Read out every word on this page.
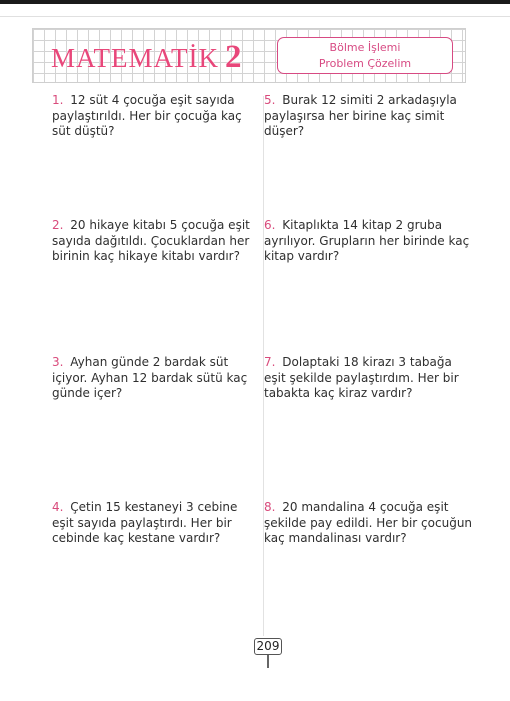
MATEMATİK 2	Bölme İşlemi
Problem Çözelim
1. 12 süt 4 çocuğa eşit sayıda paylaştırıldı. Her bir çocuğa kaç süt düştü?
2. 20 hikaye kitabı 5 çocuğa eşit sayıda dağıtıldı. Çocuklardan her birinin kaç hikaye kitabı vardır?
3. Ayhan günde 2 bardak süt içiyor. Ayhan 12 bardak sütü kaç günde içer?
4. Çetin 15 kestaneyi 3 cebine eşit sayıda paylaştırdı. Her bir cebinde kaç kestane vardır?
5. Burak 12 simiti 2 arkadaşıyla paylaşırsa her birine kaç simit düşer?
6. Kitaplıkta 14 kitap 2 gruba ayrılıyor. Grupların her birinde kaç kitap vardır?
7. Dolaptaki 18 kirazı 3 tabağa eşit şekilde paylaştırdım. Her bir tabakta kaç kiraz vardır?
8. 20 mandalina 4 çocuğa eşit şekilde pay edildi. Her bir çocuğun kaç mandalinası vardır?
209
